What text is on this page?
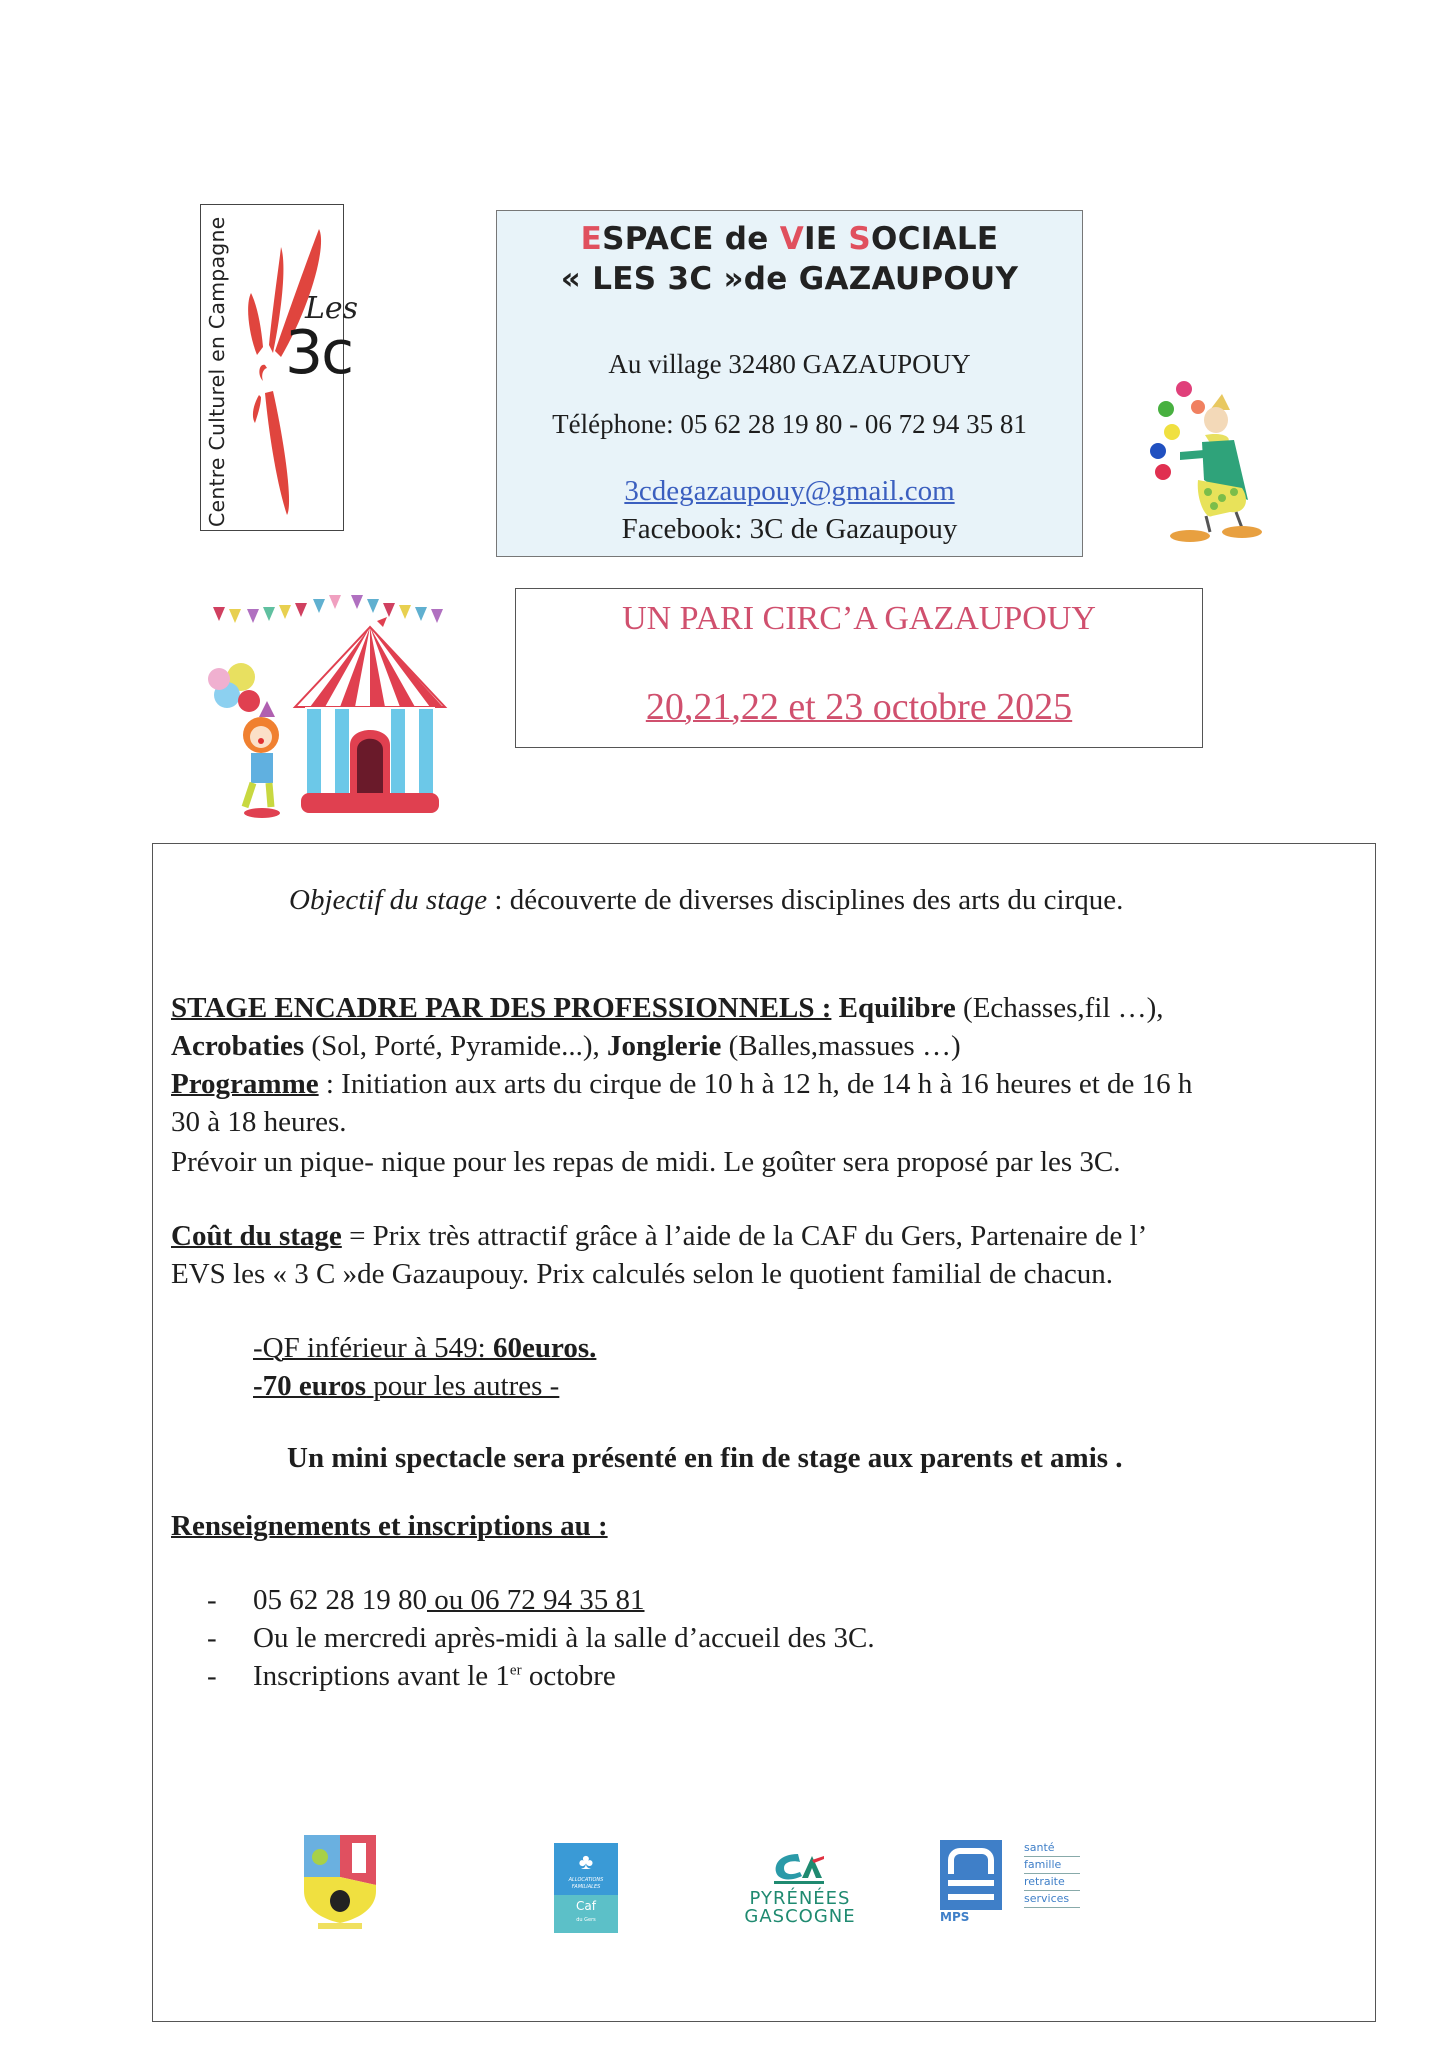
Centre Culturel en Campagne	Les
3c
ESPACE de VIE SOCIALE
« LES 3C »de GAZAUPOUY
Au village 32480 GAZAUPOUY
Téléphone: 05 62 28 19 80 - 06 72 94 35 81
3cdegazaupouy@gmail.com
Facebook: 3C de Gazaupouy
UN PARI CIRC’A GAZAUPOUY
20,21,22 et 23 octobre 2025
Objectif du stage : découverte de diverses disciplines des arts du cirque.
STAGE ENCADRE PAR DES PROFESSIONNELS : Equilibre (Echasses,fil …),
Acrobaties (Sol, Porté, Pyramide...), Jonglerie (Balles,massues …)
Programme : Initiation aux arts du cirque de 10 h à 12 h, de 14 h à 16 heures et de 16 h
30 à 18 heures.
Prévoir un pique- nique pour les repas de midi. Le goûter sera proposé par les 3C.
Coût du stage = Prix très attractif grâce à l’aide de la CAF du Gers, Partenaire de l’
EVS les « 3 C »de Gazaupouy. Prix calculés selon le quotient familial de chacun.
-QF inférieur à 549: 60euros.
-70 euros pour les autres -
Un mini spectacle sera présenté en fin de stage aux parents et amis .
Renseignements et inscriptions au :
- 05 62 28 19 80 ou 06 72 94 35 81
- Ou le mercredi après-midi à la salle d’accueil des 3C.
- Inscriptions avant le 1er octobre
♣
ALLOCATIONS
FAMILIALES
Caf
du Gers
PYRÉNÉES
GASCOGNE	MPS
santé
famille
retraite
services
